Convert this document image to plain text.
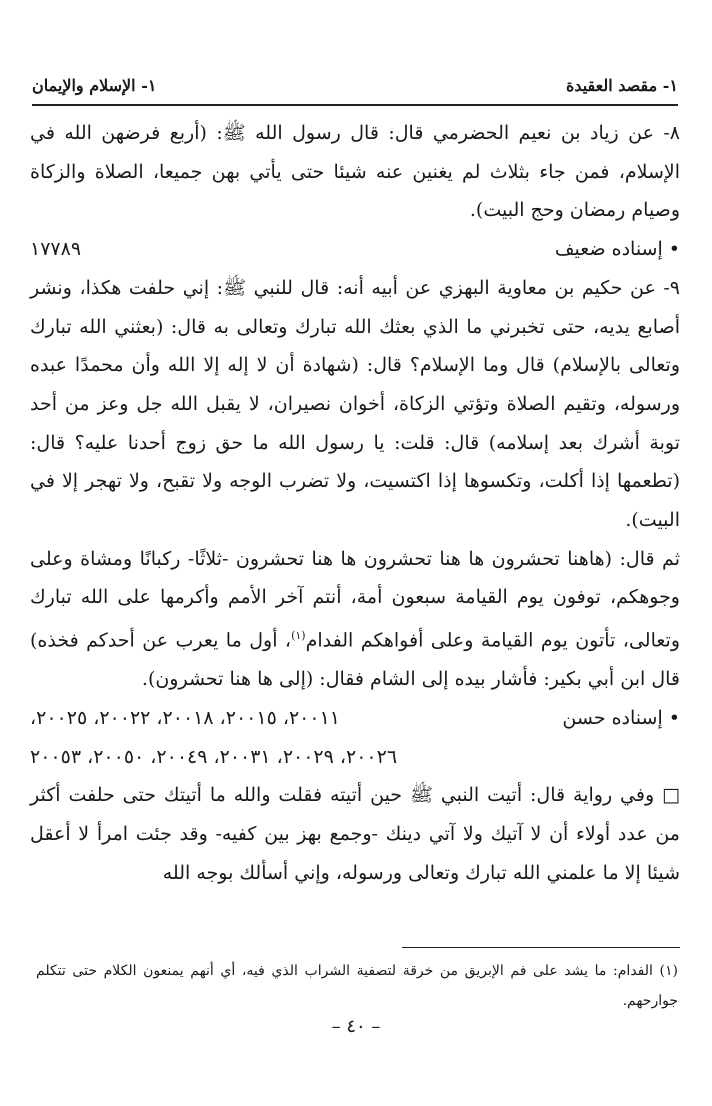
١- مقصد العقيدة
١- الإسلام والإيمان

٨- عن زياد بن نعيم الحضرمي قال: قال رسول الله ﷺ: (أربع فرضهن الله في الإسلام، فمن جاء بثلاث لم يغنين عنه شيئا حتى يأتي بهن جميعا، الصلاة والزكاة وصيام رمضان وحج البيت).

• إسناده ضعيف
١٧٧٨٩

٩- عن حكيم بن معاوية البهزي عن أبيه أنه: قال للنبي ﷺ: إني حلفت هكذا، ونشر أصابع يديه، حتى تخبرني ما الذي بعثك الله تبارك وتعالى به قال: (بعثني الله تبارك وتعالى بالإسلام) قال وما الإسلام؟ قال: (شهادة أن لا إله إلا الله وأن محمدًا عبده ورسوله، وتقيم الصلاة وتؤتي الزكاة، أخوان نصيران، لا يقبل الله جل وعز من أحد توبة أشرك بعد إسلامه) قال: قلت: يا رسول الله ما حق زوج أحدنا عليه؟ قال: (تطعمها إذا أكلت، وتكسوها إذا اكتسيت، ولا تضرب الوجه ولا تقبح، ولا تهجر إلا في البيت).

ثم قال: (هاهنا تحشرون ها هنا تحشرون ها هنا تحشرون -ثلاثًا- ركبانًا ومشاة وعلى وجوهكم، توفون يوم القيامة سبعون أمة، أنتم آخر الأمم وأكرمها على الله تبارك وتعالى، تأتون يوم القيامة وعلى أفواهكم الفدام$^{(١)}$، أول ما يعرب عن أحدكم فخذه) قال ابن أبي بكير: فأشار بيده إلى الشام فقال: (إلى ها هنا تحشرون).

• إسناده حسن
٢٠٠١١، ٢٠٠١٥، ٢٠٠١٨، ٢٠٠٢٢، ٢٠٠٢٥،

٢٠٠٢٦، ٢٠٠٢٩، ٢٠٠٣١، ٢٠٠٤٩، ٢٠٠٥٠، ٢٠٠٥٣

□ وفي رواية قال: أتيت النبي ﷺ حين أتيته فقلت والله ما أتيتك حتى حلفت أكثر من عدد أولاء أن لا آتيك ولا آتي دينك -وجمع بهز بين كفيه- وقد جئت امرأ لا أعقل شيئا إلا ما علمني الله تبارك وتعالى ورسوله، وإني أسألك بوجه الله

(١) الفدام: ما يشد على فم الإبريق من خرقة لتصفية الشراب الذي فيه، أي أنهم يمنعون الكلام حتى تتكلم جوارحهم.

– ٤٠ –
